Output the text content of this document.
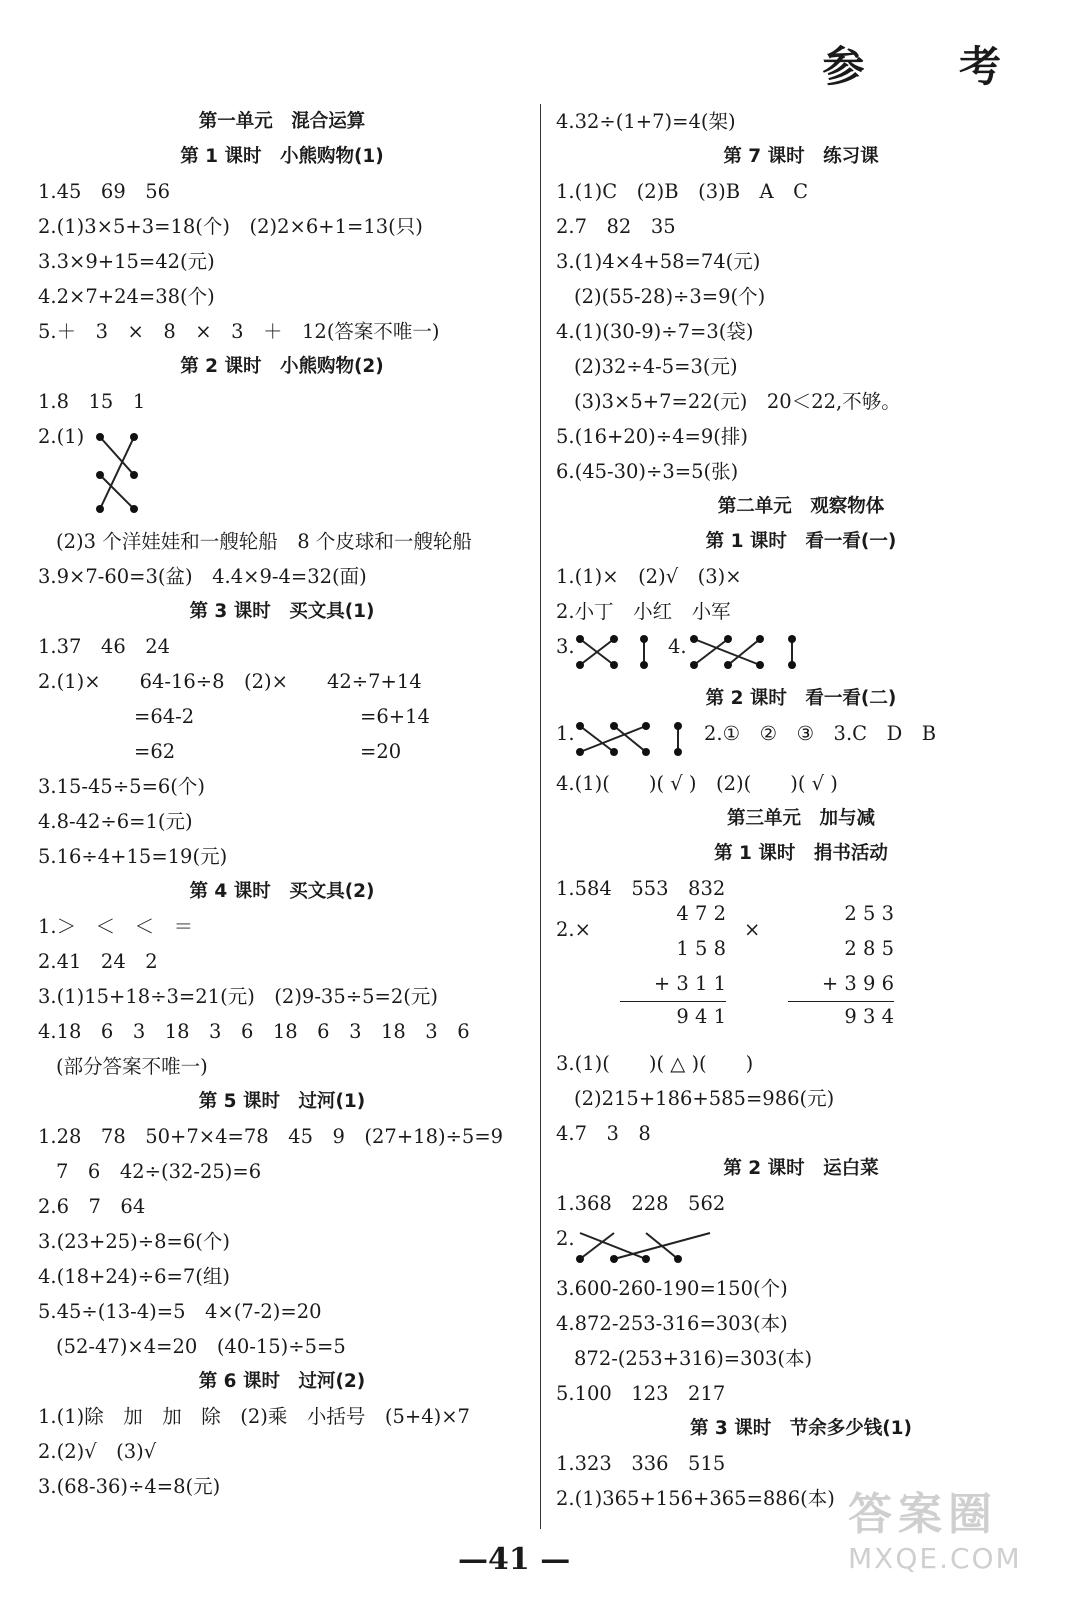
参 考
第一单元　混合运算
第 1 课时　小熊购物(1)
1.45　69　56
2.(1)3×5+3=18(个)　(2)2×6+1=13(只)
3.3×9+15=42(元)
4.2×7+24=38(个)
5.＋　3　×　8　×　3　＋　12(答案不唯一)
第 2 课时　小熊购物(2)
1.8　15　1
2.(1)
(2)3 个洋娃娃和一艘轮船　8 个皮球和一艘轮船
3.9×7-60=3(盆)　4.4×9-4=32(面)
第 3 课时　买文具(1)
1.37　46　24
2.(1)×　　64-16÷8　(2)×　　42÷7+14
=64-2	=6+14
=62	=20
3.15-45÷5=6(个)
4.8-42÷6=1(元)
5.16÷4+15=19(元)
第 4 课时　买文具(2)
1.＞　＜　＜　＝
2.41　24　2
3.(1)15+18÷3=21(元)　(2)9-35÷5=2(元)
4.18　6　3　18　3　6　18　6　3　18　3　6
(部分答案不唯一)
第 5 课时　过河(1)
1.28　78　50+7×4=78　45　9　(27+18)÷5=9
7　6　42÷(32-25)=6
2.6　7　64
3.(23+25)÷8=6(个)
4.(18+24)÷6=7(组)
5.45÷(13-4)=5　4×(7-2)=20
(52-47)×4=20　(40-15)÷5=5
第 6 课时　过河(2)
1.(1)除　加　加　除　(2)乘　小括号　(5+4)×7
2.(2)√　(3)√
3.(68-36)÷4=8(元)
4.32÷(1+7)=4(架)
第 7 课时　练习课
1.(1)C　(2)B　(3)B　A　C
2.7　82　35
3.(1)4×4+58=74(元)
(2)(55-28)÷3=9(个)
4.(1)(30-9)÷7=3(袋)
(2)32÷4-5=3(元)
(3)3×5+7=22(元)　20＜22,不够。
5.(16+20)÷4=9(排)
6.(45-30)÷3=5(张)
第二单元　观察物体
第 1 课时　看一看(一)
1.(1)×　(2)√　(3)×
2.小丁　小红　小军
3.	4.
第 2 课时　看一看(二)
1.	2.①　②　③　3.C　D　B
4.(1)(　　)( √ )　(2)(　　)( √ )
第三单元　加与减
第 1 课时　捐书活动
1.584　553　832
2.×
4 7 2
1 5 8
+ 3 1 1
9 4 1
×
2 5 3
2 8 5
+ 3 9 6
9 3 4
3.(1)(　　)( △ )(　　)
(2)215+186+585=986(元)
4.7　3　8
第 2 课时　运白菜
1.368　228　562
2.
3.600-260-190=150(个)
4.872-253-316=303(本)
872-(253+316)=303(本)
5.100　123　217
第 3 课时　节余多少钱(1)
1.323　336　515
2.(1)365+156+365=886(本)
—41 —
答案圈
MXQE.COM
